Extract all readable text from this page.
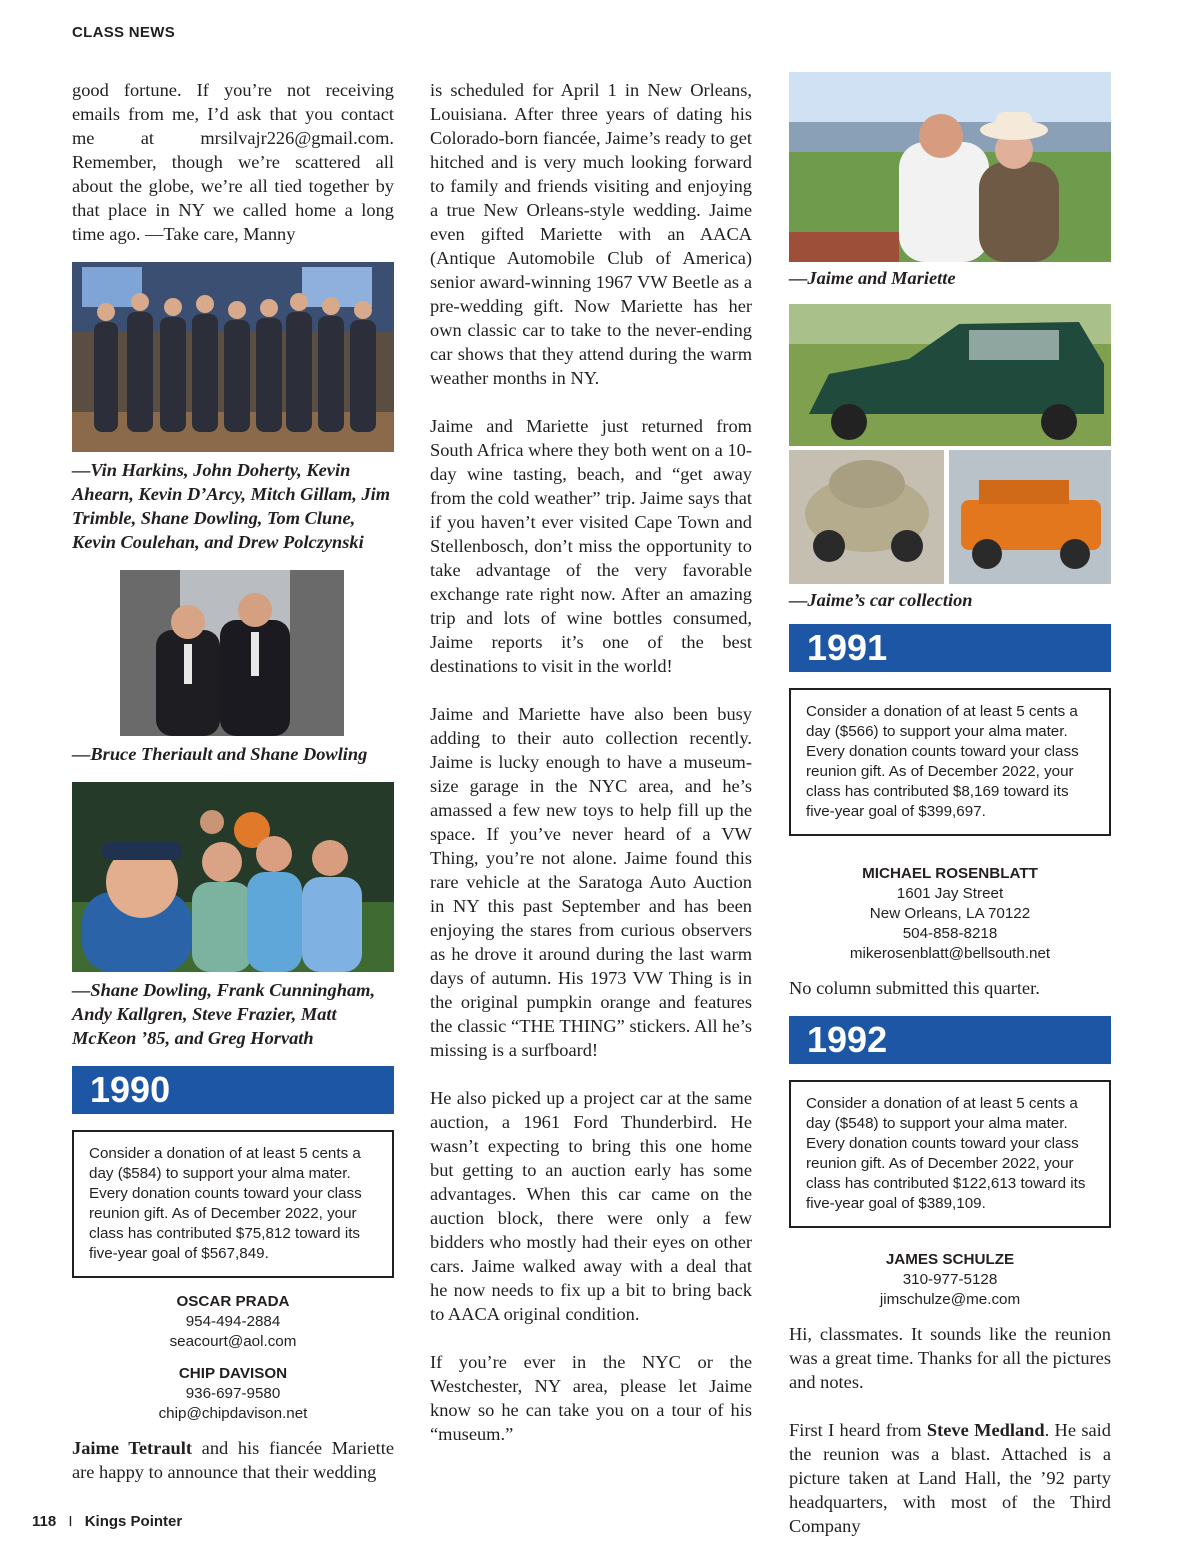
CLASS NEWS

good fortune. If you’re not receiving emails from me, I’d ask that you contact me at mrsilvajr226@gmail.com. Remember, though we’re scattered all about the globe, we’re all tied together by that place in NY we called home a long time ago. —Take care, Manny

—Vin Harkins, John Doherty, Kevin Ahearn, Kevin D’Arcy, Mitch Gillam, Jim Trimble, Shane Dowling, Tom Clune, Kevin Coulehan, and Drew Polczynski
—Bruce Theriault and Shane Dowling
—Shane Dowling, Frank Cunningham, Andy Kallgren, Steve Frazier, Matt McKeon ’85, and Greg Horvath
1990
Consider a donation of at least 5 cents a day ($584) to support your alma mater. Every donation counts toward your class reunion gift. As of December 2022, your class has contributed $75,812 toward its five-year goal of $567,849.
OSCAR PRADA
954-494-2884
seacourt@aol.com
CHIP DAVISON
936-697-9580
chip@chipdavison.net

Jaime Tetrault and his fiancée Mariette are happy to announce that their wedding

is scheduled for April 1 in New Orleans, Louisiana. After three years of dating his Colorado-born fiancée, Jaime’s ready to get hitched and is very much looking forward to family and friends visiting and enjoying a true New Orleans-style wedding. Jaime even gifted Mariette with an AACA (Antique Automobile Club of America) senior award-winning 1967 VW Beetle as a pre-wedding gift. Now Mariette has her own classic car to take to the never-ending car shows that they attend during the warm weather months in NY.

Jaime and Mariette just returned from South Africa where they both went on a 10-day wine tasting, beach, and “get away from the cold weather” trip. Jaime says that if you haven’t ever visited Cape Town and Stellenbosch, don’t miss the opportunity to take advantage of the very favorable exchange rate right now. After an amazing trip and lots of wine bottles consumed, Jaime reports it’s one of the best destinations to visit in the world!

Jaime and Mariette have also been busy adding to their auto collection recently. Jaime is lucky enough to have a museum-size garage in the NYC area, and he’s amassed a few new toys to help fill up the space. If you’ve never heard of a VW Thing, you’re not alone. Jaime found this rare vehicle at the Saratoga Auto Auction in NY this past September and has been enjoying the stares from curious observers as he drove it around during the last warm days of autumn. His 1973 VW Thing is in the original pumpkin orange and features the classic “THE THING” stickers. All he’s missing is a surfboard!

He also picked up a project car at the same auction, a 1961 Ford Thunderbird. He wasn’t expecting to bring this one home but getting to an auction early has some advantages. When this car came on the auction block, there were only a few bidders who mostly had their eyes on other cars. Jaime walked away with a deal that he now needs to fix up a bit to bring back to AACA original condition.

If you’re ever in the NYC or the Westchester, NY area, please let Jaime know so he can take you on a tour of his “museum.”

—Jaime and Mariette
—Jaime’s car collection
1991
Consider a donation of at least 5 cents a day ($566) to support your alma mater. Every donation counts toward your class reunion gift. As of December 2022, your class has contributed $8,169 toward its five-year goal of $399,697.
MICHAEL ROSENBLATT
1601 Jay Street
New Orleans, LA 70122
504-858-8218
mikerosenblatt@bellsouth.net

No column submitted this quarter.

1992
Consider a donation of at least 5 cents a day ($548) to support your alma mater. Every donation counts toward your class reunion gift. As of December 2022, your class has contributed $122,613 toward its five-year goal of $389,109.
JAMES SCHULZE
310-977-5128
jimschulze@me.com

Hi, classmates. It sounds like the reunion was a great time. Thanks for all the pictures and notes.

First I heard from Steve Medland. He said the reunion was a blast. Attached is a picture taken at Land Hall, the ’92 party headquarters, with most of the Third Company

118 I Kings Pointer
